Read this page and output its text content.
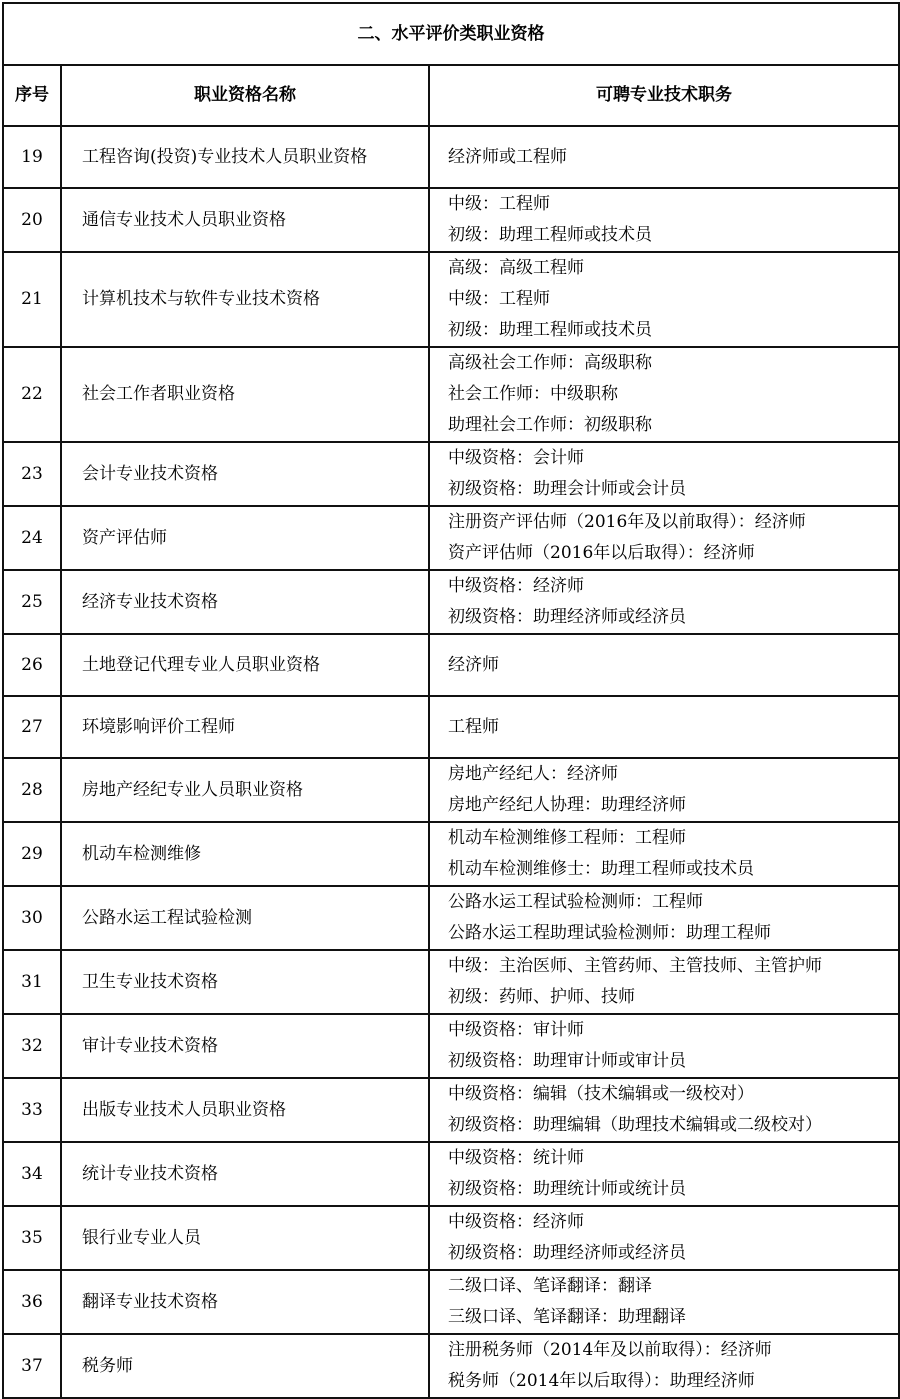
二、水平评价类职业资格		
序号	职业资格名称	可聘专业技术职务
19	工程咨询(投资)专业技术人员职业资格	经济师或工程师

20	通信专业技术人员职业资格	中级：工程师
初级：助理工程师或技术员

21	计算机技术与软件专业技术资格	高级：高级工程师
中级：工程师
初级：助理工程师或技术员

22	社会工作者职业资格	高级社会工作师：高级职称
社会工作师：中级职称
助理社会工作师：初级职称

23	会计专业技术资格	中级资格：会计师
初级资格：助理会计师或会计员

24	资产评估师	注册资产评估师（2016年及以前取得）：经济师
资产评估师（2016年以后取得）：经济师

25	经济专业技术资格	中级资格：经济师
初级资格：助理经济师或经济员

26	土地登记代理专业人员职业资格	经济师

27	环境影响评价工程师	工程师

28	房地产经纪专业人员职业资格	房地产经纪人：经济师
房地产经纪人协理：助理经济师

29	机动车检测维修	机动车检测维修工程师：工程师
机动车检测维修士：助理工程师或技术员

30	公路水运工程试验检测	公路水运工程试验检测师：工程师
公路水运工程助理试验检测师：助理工程师

31	卫生专业技术资格	中级：主治医师、主管药师、主管技师、主管护师
初级：药师、护师、技师

32	审计专业技术资格	中级资格：审计师
初级资格：助理审计师或审计员

33	出版专业技术人员职业资格	中级资格：编辑（技术编辑或一级校对）
初级资格：助理编辑（助理技术编辑或二级校对）

34	统计专业技术资格	中级资格：统计师
初级资格：助理统计师或统计员

35	银行业专业人员	中级资格：经济师
初级资格：助理经济师或经济员

36	翻译专业技术资格	二级口译、笔译翻译：翻译
三级口译、笔译翻译：助理翻译

37	税务师	注册税务师（2014年及以前取得）：经济师
税务师（2014年以后取得）：助理经济师
